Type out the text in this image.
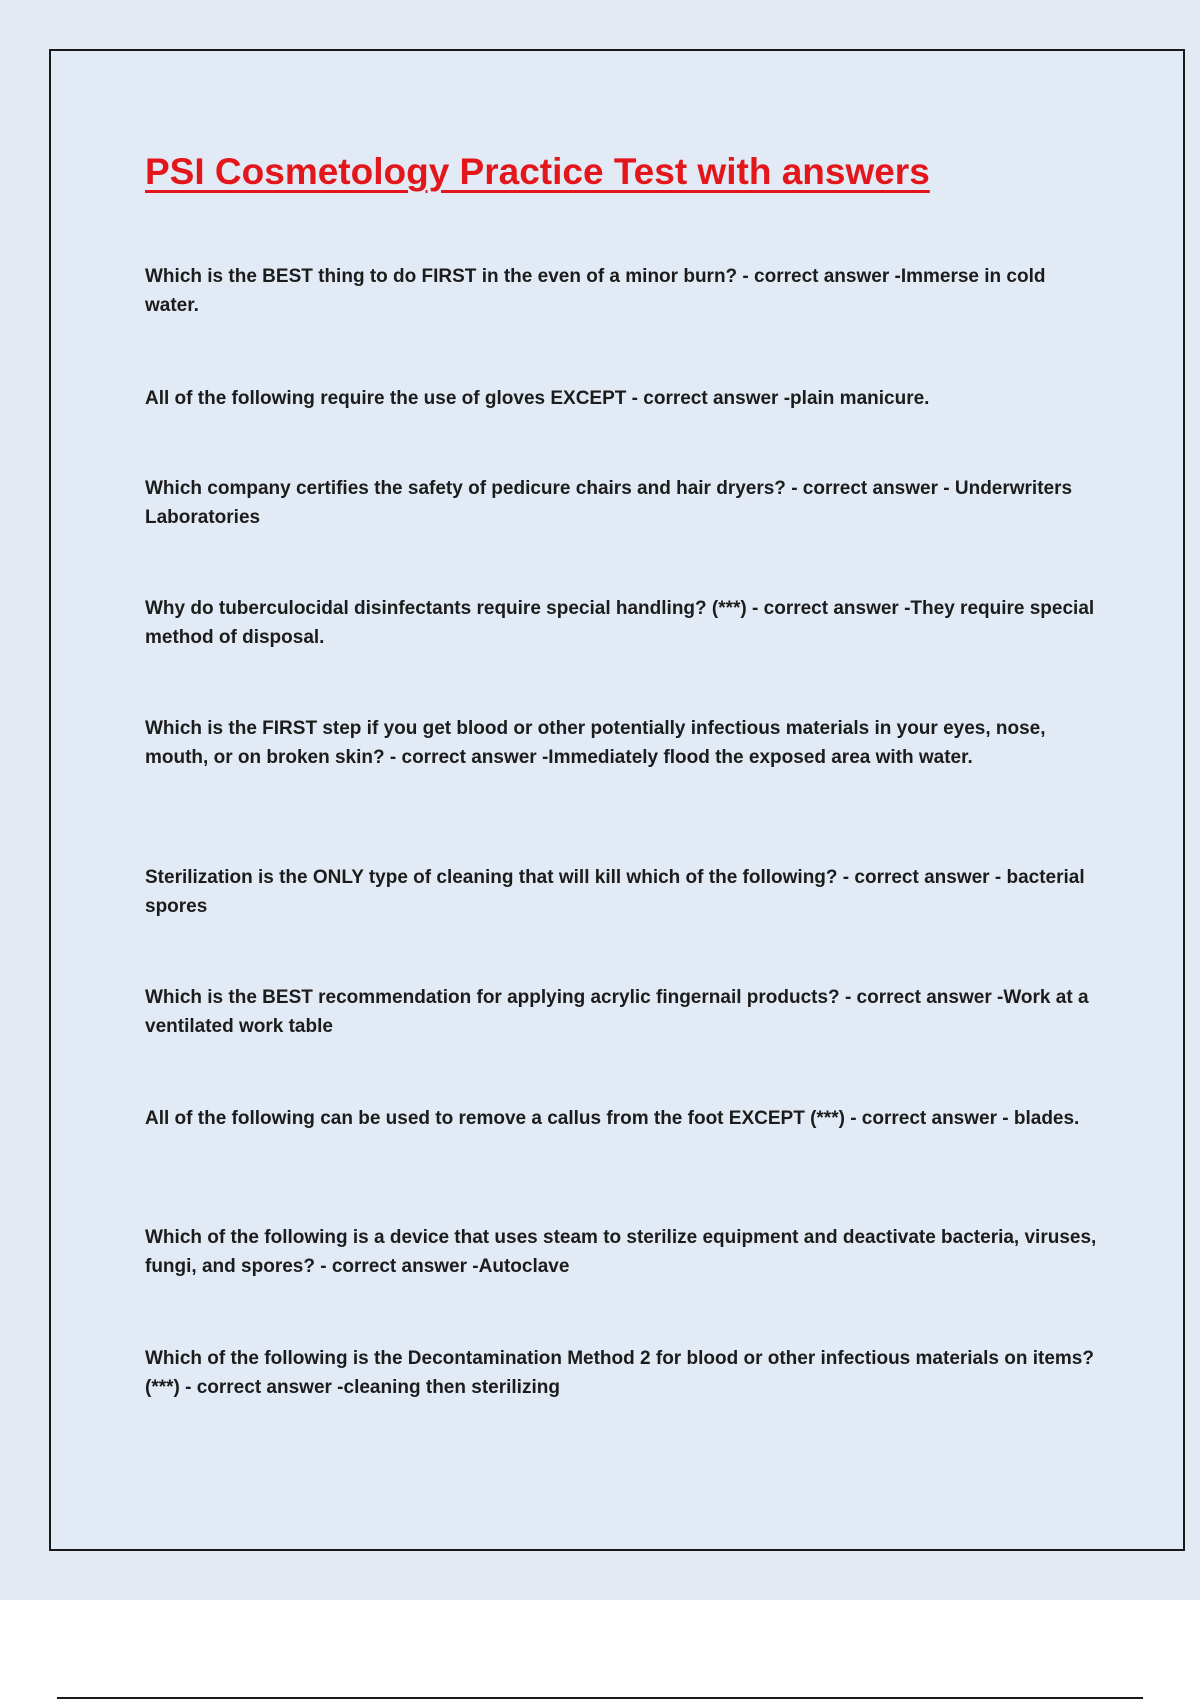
PSI Cosmetology Practice Test with answers

Which is the BEST thing to do FIRST in the even of a minor burn? - correct answer -Immerse in cold water.

All of the following require the use of gloves EXCEPT - correct answer -plain manicure.

Which company certifies the safety of pedicure chairs and hair dryers? - correct answer - Underwriters Laboratories

Why do tuberculocidal disinfectants require special handling? (***) - correct answer -They require special method of disposal.

Which is the FIRST step if you get blood or other potentially infectious materials in your eyes, nose, mouth, or on broken skin? - correct answer -Immediately flood the exposed area with water.

Sterilization is the ONLY type of cleaning that will kill which of the following? - correct answer - bacterial spores

Which is the BEST recommendation for applying acrylic fingernail products? - correct answer -Work at a ventilated work table

All of the following can be used to remove a callus from the foot EXCEPT (***) - correct answer - blades.

Which of the following is a device that uses steam to sterilize equipment and deactivate bacteria, viruses, fungi, and spores? - correct answer -Autoclave

Which of the following is the Decontamination Method 2 for blood or other infectious materials on items? (***) - correct answer -cleaning then sterilizing
